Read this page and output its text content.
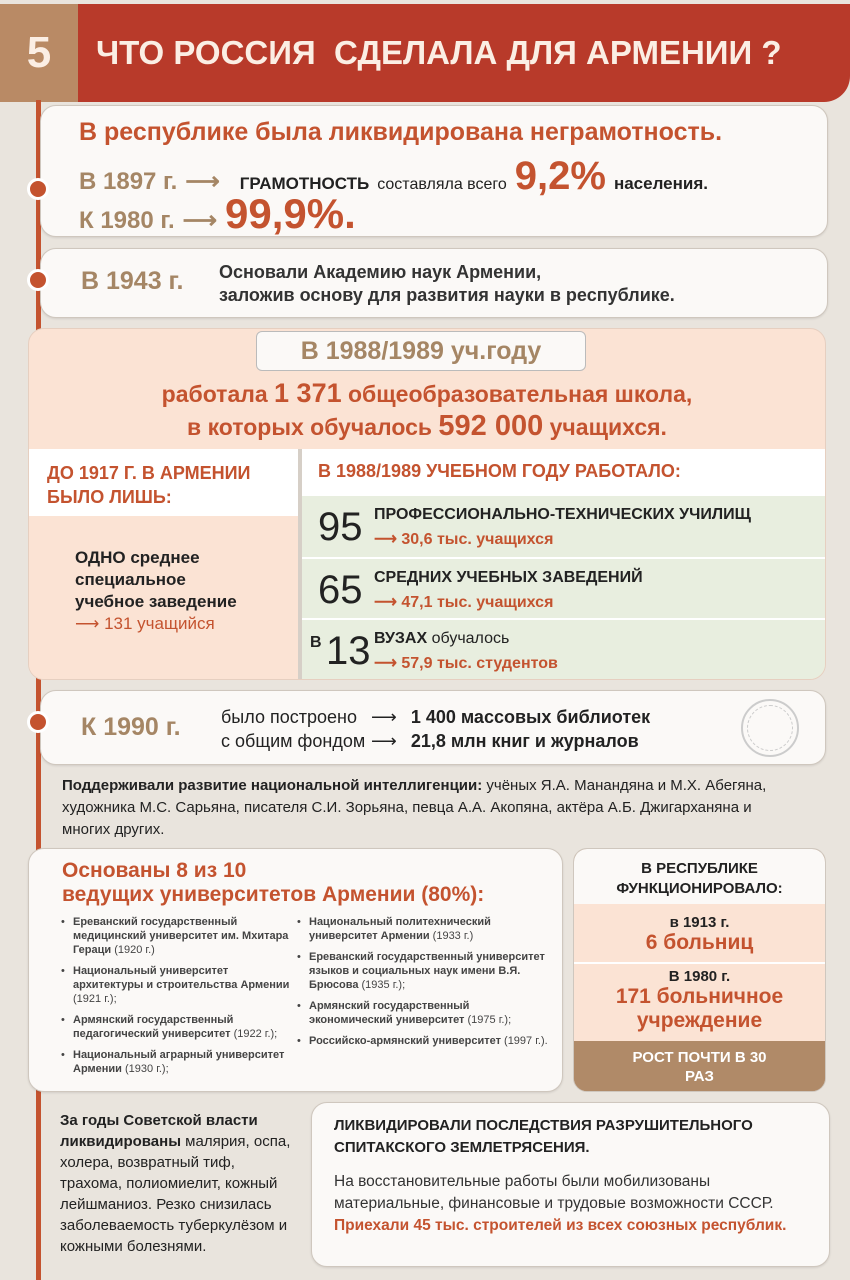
5 ЧТО РОССИЯ  СДЕЛАЛА ДЛЯ АРМЕНИИ ?
В республике была ликвидирована неграмотность.
В 1897 г. ⟶ ГРАМОТНОСТЬ составляла всего 9,2% населения.
К 1980 г. ⟶ 99,9%.
В 1943 г. Основали Академию наук Армении,
заложив основу для развития науки в республике.
В 1988/1989 уч.году
работала 1 371 общеобразовательная школа,
в которых обучалось 592 000 учащихся.
ДО 1917 Г. В АРМЕНИИ БЫЛО ЛИШЬ:
ОДНО среднее
специальное
учебное заведение
⟶ 131 учащийся
В 1988/1989 УЧЕБНОМ ГОДУ РАБОТАЛО:
95 ПРОФЕССИОНАЛЬНО-ТЕХНИЧЕСКИХ УЧИЛИЩ
⟶ 30,6 тыс. учащихся
65 СРЕДНИХ УЧЕБНЫХ ЗАВЕДЕНИЙ
⟶ 47,1 тыс. учащихся
В 13 ВУЗАХ обучалось
⟶ 57,9 тыс. студентов
К 1990 г. было построено ⟶ 1 400 массовых библиотек
с общим фондом ⟶ 21,8 млн книг и журналов
Поддерживали развитие национальной интеллигенции: учёных Я.А. Манандяна и М.Х. Абегяна, художника М.С. Сарьяна, писателя С.И. Зорьяна, певца А.А. Акопяна, актёра А.Б. Джигарханяна и многих других.
Основаны 8 из 10
ведущих университетов Армении (80%):
• Ереванский государственный медицинский университет им. Мхитара Гераци (1920 г.)
• Национальный университет архитектуры и строительства Армении (1921 г.);
• Армянский государственный педагогический университет (1922 г.);
• Национальный аграрный университет Армении (1930 г.);
• Национальный политехнический университет Армении (1933 г.)
• Ереванский государственный университет языков и социальных наук имени В.Я. Брюсова (1935 г.);
• Армянский государственный экономический университет (1975 г.);
• Российско-армянский университет (1997 г.).
В РЕСПУБЛИКЕ ФУНКЦИОНИРОВАЛО:
в 1913 г.
6 больниц
В 1980 г.
171 больничное учреждение
РОСТ ПОЧТИ В 30 РАЗ
За годы Советской власти ликвидированы малярия, оспа, холера, возвратный тиф, трахома, полиомиелит, кожный лейшманиоз. Резко снизилась заболеваемость туберкулёзом и кожными болезнями.
ЛИКВИДИРОВАЛИ ПОСЛЕДСТВИЯ РАЗРУШИТЕЛЬНОГО СПИТАКСКОГО ЗЕМЛЕТРЯСЕНИЯ.
На восстановительные работы были мобилизованы материальные, финансовые и трудовые возможности СССР. Приехали 45 тыс. строителей из всех союзных республик.
